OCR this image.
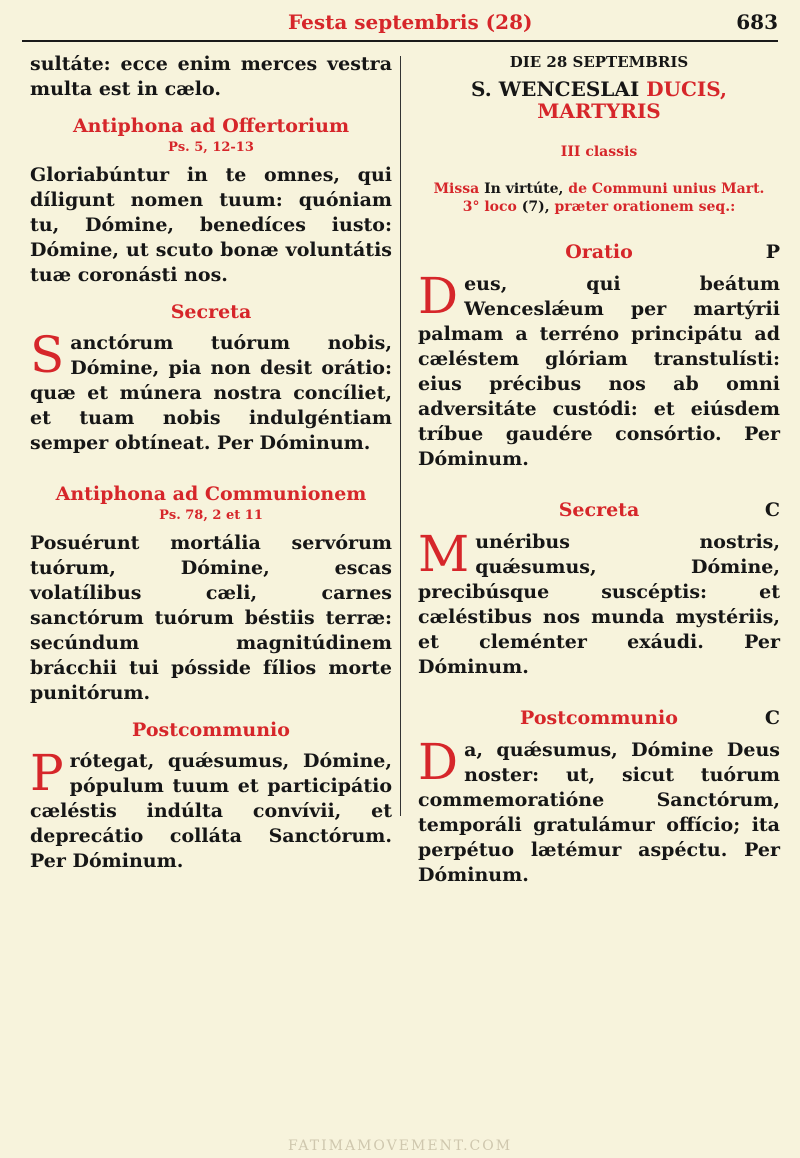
Festa septembris (28)	683

sultáte: ecce enim merces vestra multa est in cælo.

Antiphona ad Offertorium
Ps. 5, 12-13

Gloriabúntur in te omnes, qui díligunt nomen tuum: quóniam tu, Dómine, benedíces iusto: Dómine, ut scuto bonæ voluntátis tuæ coronásti nos.

Secreta

Sanctórum tuórum nobis, Dómine, pia non desit orátio: quæ et múnera nostra concíliet, et tuam nobis indulgéntiam semper obtíneat. Per Dóminum.

Antiphona ad Communionem
Ps. 78, 2 et 11

Posuérunt mortália servórum tuórum, Dómine, escas volatílibus cæli, carnes sanctórum tuórum béstiis terræ: secúndum magnitúdinem brácchii tui pósside fílios morte punitórum.

Postcommunio

Prótegat, quǽsumus, Dómine, pópulum tuum et participátio cæléstis indúlta convívii, et deprecátio colláta Sanctórum. Per Dóminum.

DIE 28 SEPTEMBRIS
S. WENCESLAI DUCIS,
MARTYRIS
III classis
Missa In virtúte, de Communi unius Mart.
3° loco (7), præter orationem seq.:
Oratio	P

Deus, qui beátum Wenceslǽum per martýrii palmam a terréno principátu ad cæléstem glóriam transtulísti: eius précibus nos ab omni adversitáte custódi: et eiúsdem tríbue gaudére consórtio. Per Dóminum.

Secreta	C

Munéribus nostris, quǽsumus, Dómine, precibúsque suscéptis: et cæléstibus nos munda mystériis, et cleménter exáudi. Per Dóminum.

Postcommunio	C

Da, quǽsumus, Dómine Deus noster: ut, sicut tuórum commemoratióne Sanctórum, temporáli gratulámur offício; ita perpétuo lætémur aspéctu. Per Dóminum.

FATIMAMOVEMENT.COM
